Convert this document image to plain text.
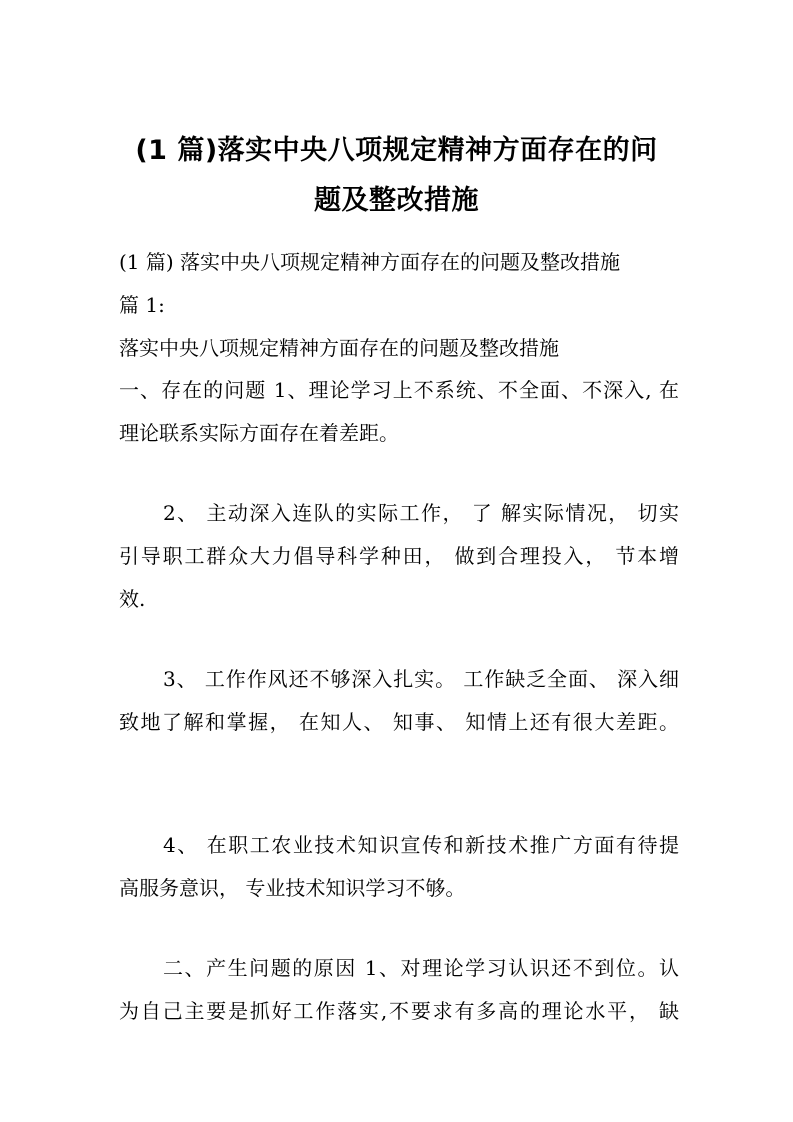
(1 篇)落实中央八项规定精神方面存在的问
题及整改措施
(1 篇) 落实中央八项规定精神方面存在的问题及整改措施
篇 1:
落实中央八项规定精神方面存在的问题及整改措施
一、存在的问题 1、理论学习上不系统、不全面、不深入, 在
理论联系实际方面存在着差距。
2、 主动深入连队的实际工作， 了 解实际情况， 切实
引导职工群众大力倡导科学种田， 做到合理投入， 节本增
效.
3、 工作作风还不够深入扎实。 工作缺乏全面、 深入细
致地了解和掌握， 在知人、 知事、 知情上还有很大差距。
4、 在职工农业技术知识宣传和新技术推广方面有待提
高服务意识， 专业技术知识学习不够。
二、产生问题的原因 1、对理论学习认识还不到位。认
为自己主要是抓好工作落实,不要求有多高的理论水平， 缺
